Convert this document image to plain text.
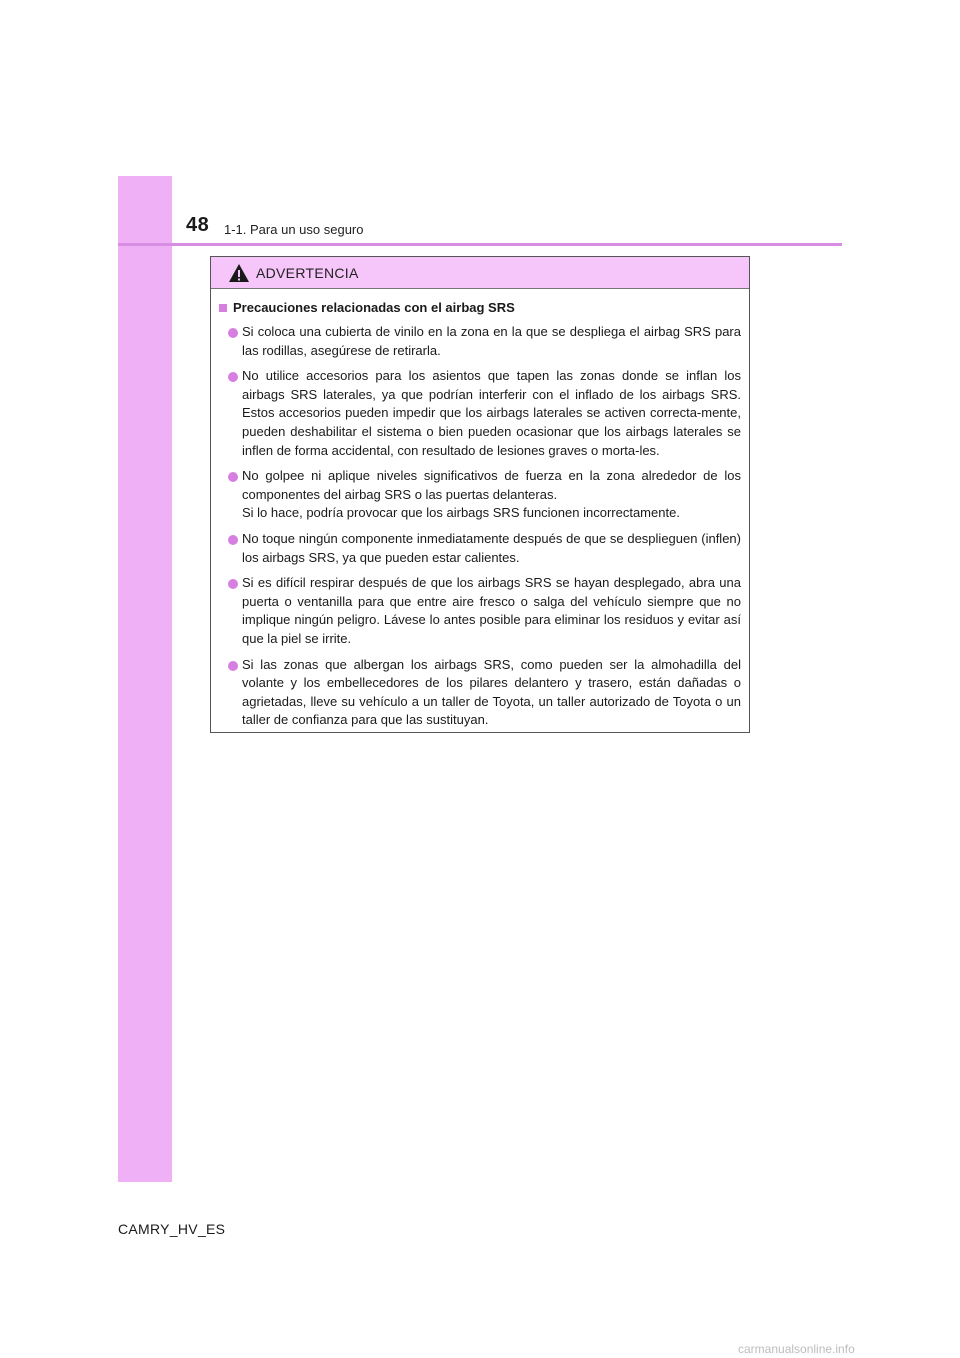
48 1-1. Para un uso seguro
ADVERTENCIA
Precauciones relacionadas con el airbag SRS

Si coloca una cubierta de vinilo en la zona en la que se despliega el airbag SRS para las rodillas, asegúrese de retirarla.

No utilice accesorios para los asientos que tapen las zonas donde se inflan los airbags SRS laterales, ya que podrían interferir con el inflado de los airbags SRS. Estos accesorios pueden impedir que los airbags laterales se activen correcta-mente, pueden deshabilitar el sistema o bien pueden ocasionar que los airbags laterales se inflen de forma accidental, con resultado de lesiones graves o morta-les.

No golpee ni aplique niveles significativos de fuerza en la zona alrededor de los componentes del airbag SRS o las puertas delanteras.

Si lo hace, podría provocar que los airbags SRS funcionen incorrectamente.

No toque ningún componente inmediatamente después de que se desplieguen (inflen) los airbags SRS, ya que pueden estar calientes.

Si es difícil respirar después de que los airbags SRS se hayan desplegado, abra una puerta o ventanilla para que entre aire fresco o salga del vehículo siempre que no implique ningún peligro. Lávese lo antes posible para eliminar los residuos y evitar así que la piel se irrite.

Si las zonas que albergan los airbags SRS, como pueden ser la almohadilla del volante y los embellecedores de los pilares delantero y trasero, están dañadas o agrietadas, lleve su vehículo a un taller de Toyota, un taller autorizado de Toyota o un taller de confianza para que las sustituyan.

CAMRY_HV_ES
carmanualsonline.info
